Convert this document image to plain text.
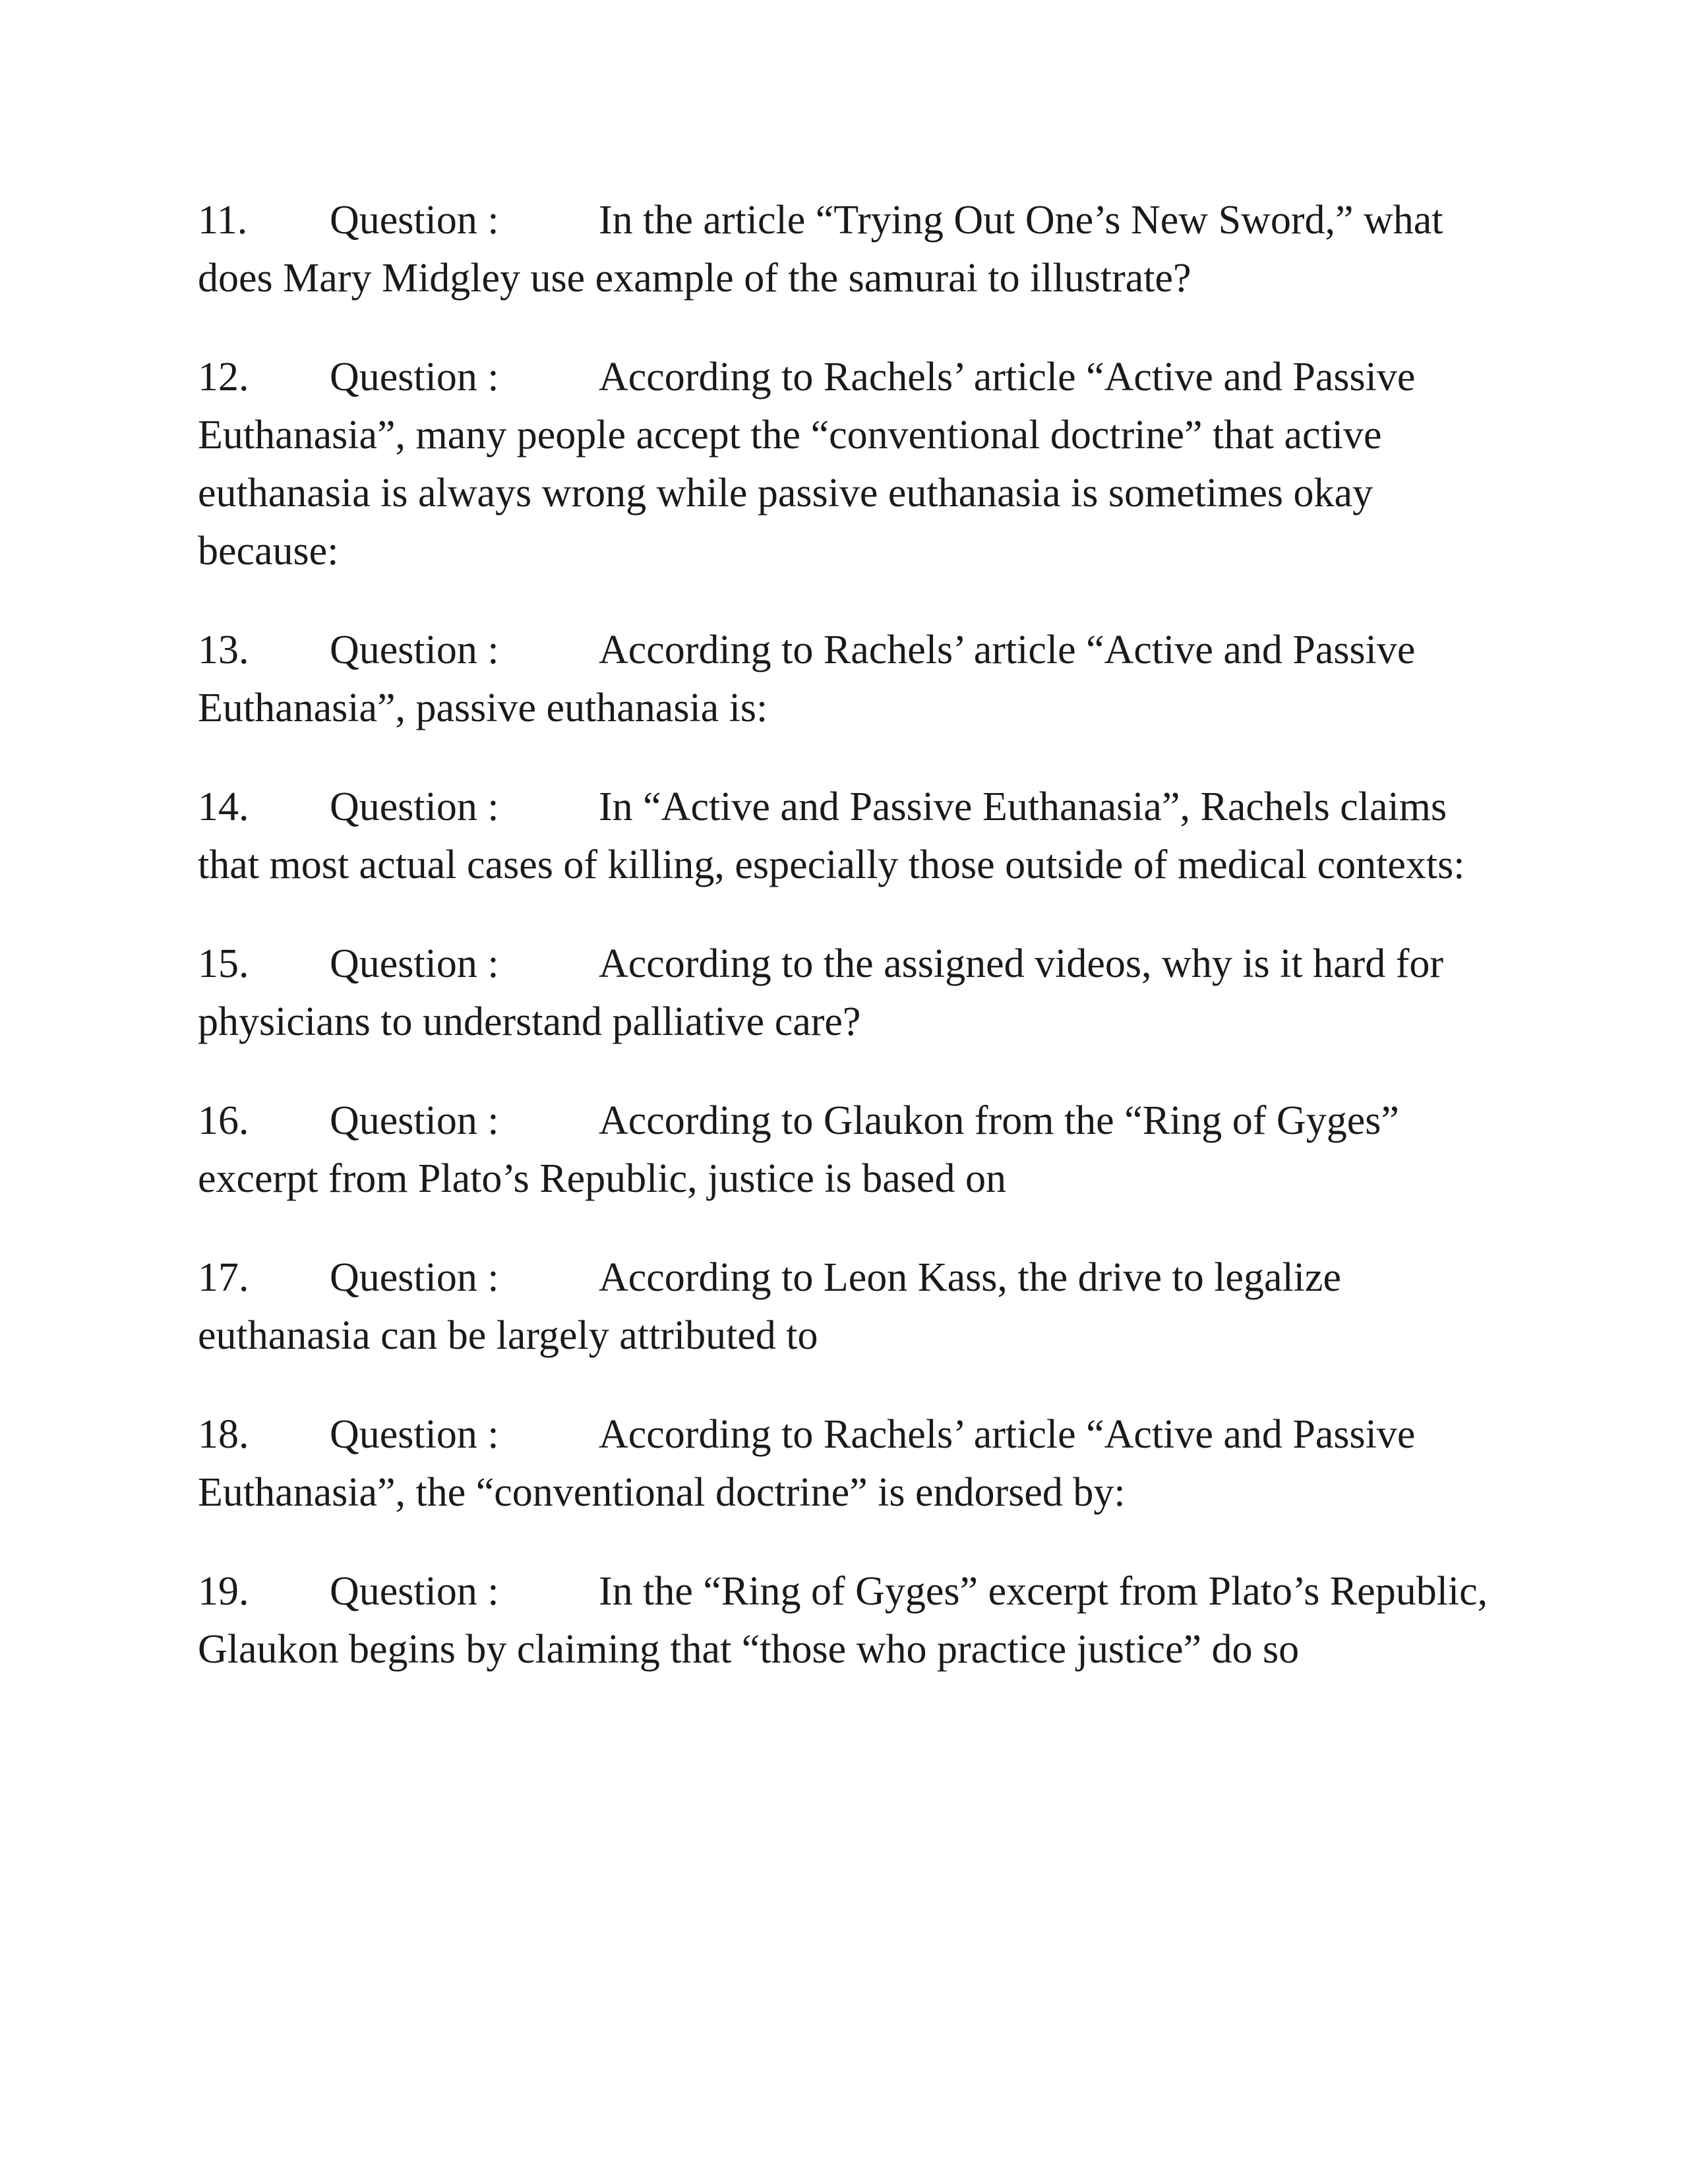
11. Question : In the article “Trying Out One’s New Sword,” what does Mary Midgley use example of the samurai to illustrate?

12. Question : According to Rachels’ article “Active and Passive Euthanasia”, many people accept the “conventional doctrine” that active euthanasia is always wrong while passive euthanasia is sometimes okay because:

13. Question : According to Rachels’ article “Active and Passive Euthanasia”, passive euthanasia is:

14. Question : In “Active and Passive Euthanasia”, Rachels claims that most actual cases of killing, especially those outside of medical contexts:

15. Question : According to the assigned videos, why is it hard for physicians to understand palliative care?

16. Question : According to Glaukon from the “Ring of Gyges” excerpt from Plato’s Republic, justice is based on

17. Question : According to Leon Kass, the drive to legalize euthanasia can be largely attributed to

18. Question : According to Rachels’ article “Active and Passive Euthanasia”, the “conventional doctrine” is endorsed by:

19. Question : In the “Ring of Gyges” excerpt from Plato’s Republic, Glaukon begins by claiming that “those who practice justice” do so
